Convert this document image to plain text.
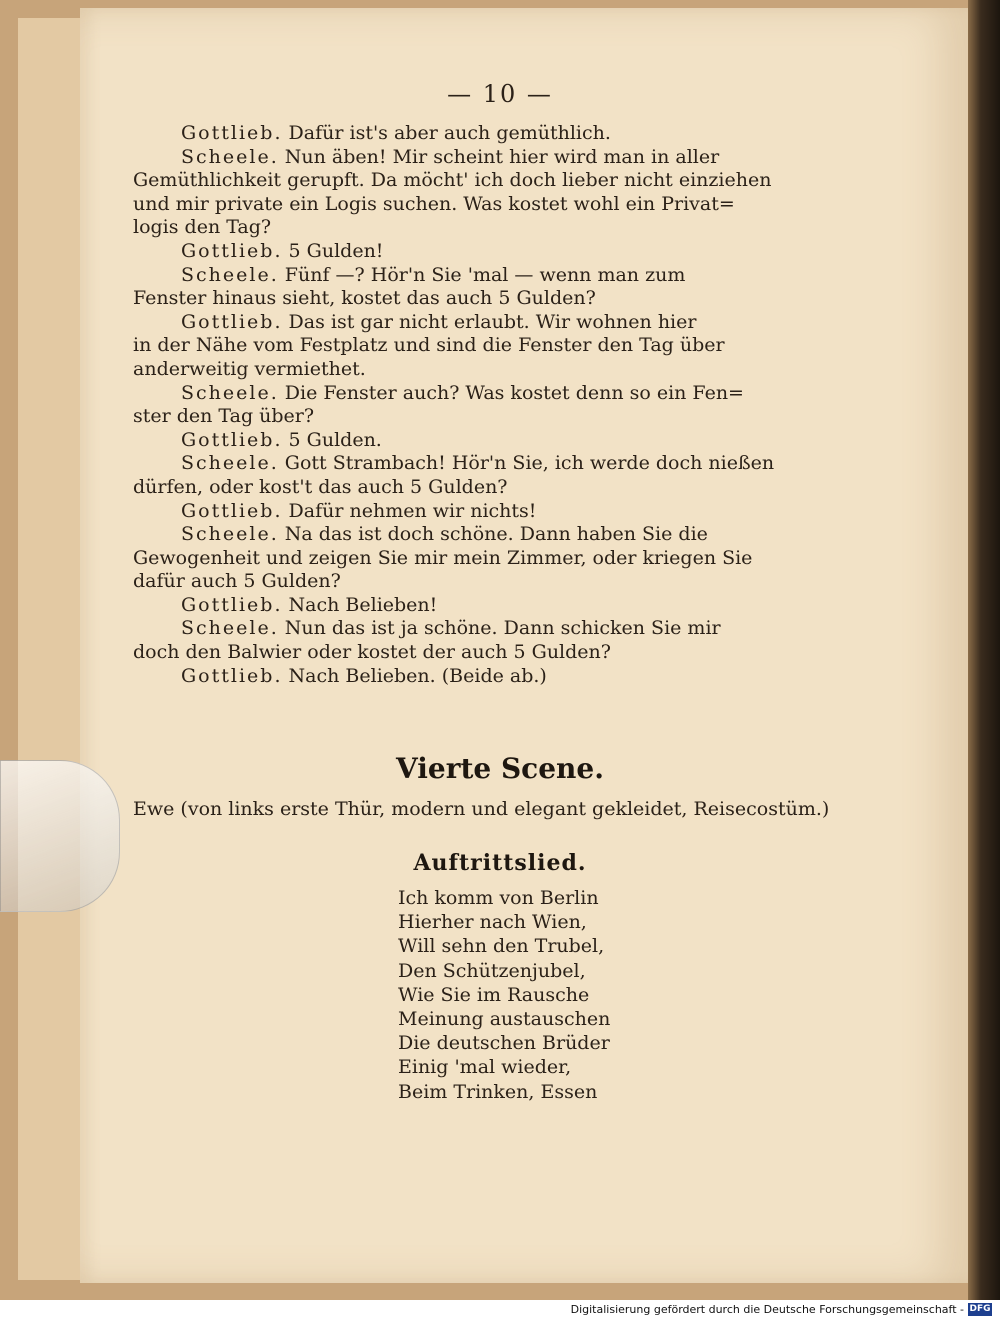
— 10 —
Gottlieb. Dafür ist's aber auch gemüthlich.
Scheele. Nun äben! Mir scheint hier wird man in aller
Gemüthlichkeit gerupft. Da möcht' ich doch lieber nicht einziehen
und mir private ein Logis suchen. Was kostet wohl ein Privat=
logis den Tag?
Gottlieb. 5 Gulden!
Scheele. Fünf —? Hör'n Sie 'mal — wenn man zum
Fenster hinaus sieht, kostet das auch 5 Gulden?
Gottlieb. Das ist gar nicht erlaubt. Wir wohnen hier
in der Nähe vom Festplatz und sind die Fenster den Tag über
anderweitig vermiethet.
Scheele. Die Fenster auch? Was kostet denn so ein Fen=
ster den Tag über?
Gottlieb. 5 Gulden.
Scheele. Gott Strambach! Hör'n Sie, ich werde doch nießen
dürfen, oder kost't das auch 5 Gulden?
Gottlieb. Dafür nehmen wir nichts!
Scheele. Na das ist doch schöne. Dann haben Sie die
Gewogenheit und zeigen Sie mir mein Zimmer, oder kriegen Sie
dafür auch 5 Gulden?
Gottlieb. Nach Belieben!
Scheele. Nun das ist ja schöne. Dann schicken Sie mir
doch den Balwier oder kostet der auch 5 Gulden?
Gottlieb. Nach Belieben. (Beide ab.)
Vierte Scene.
Ewe (von links erste Thür, modern und elegant gekleidet, Reisecostüm.)
Auftrittslied.
Ich komm von Berlin
Hierher nach Wien,
Will sehn den Trubel,
Den Schützenjubel,
Wie Sie im Rausche
Meinung austauschen
Die deutschen Brüder
Einig 'mal wieder,
Beim Trinken, Essen
Digitalisierung gefördert durch die Deutsche Forschungsgemeinschaft - DFG
